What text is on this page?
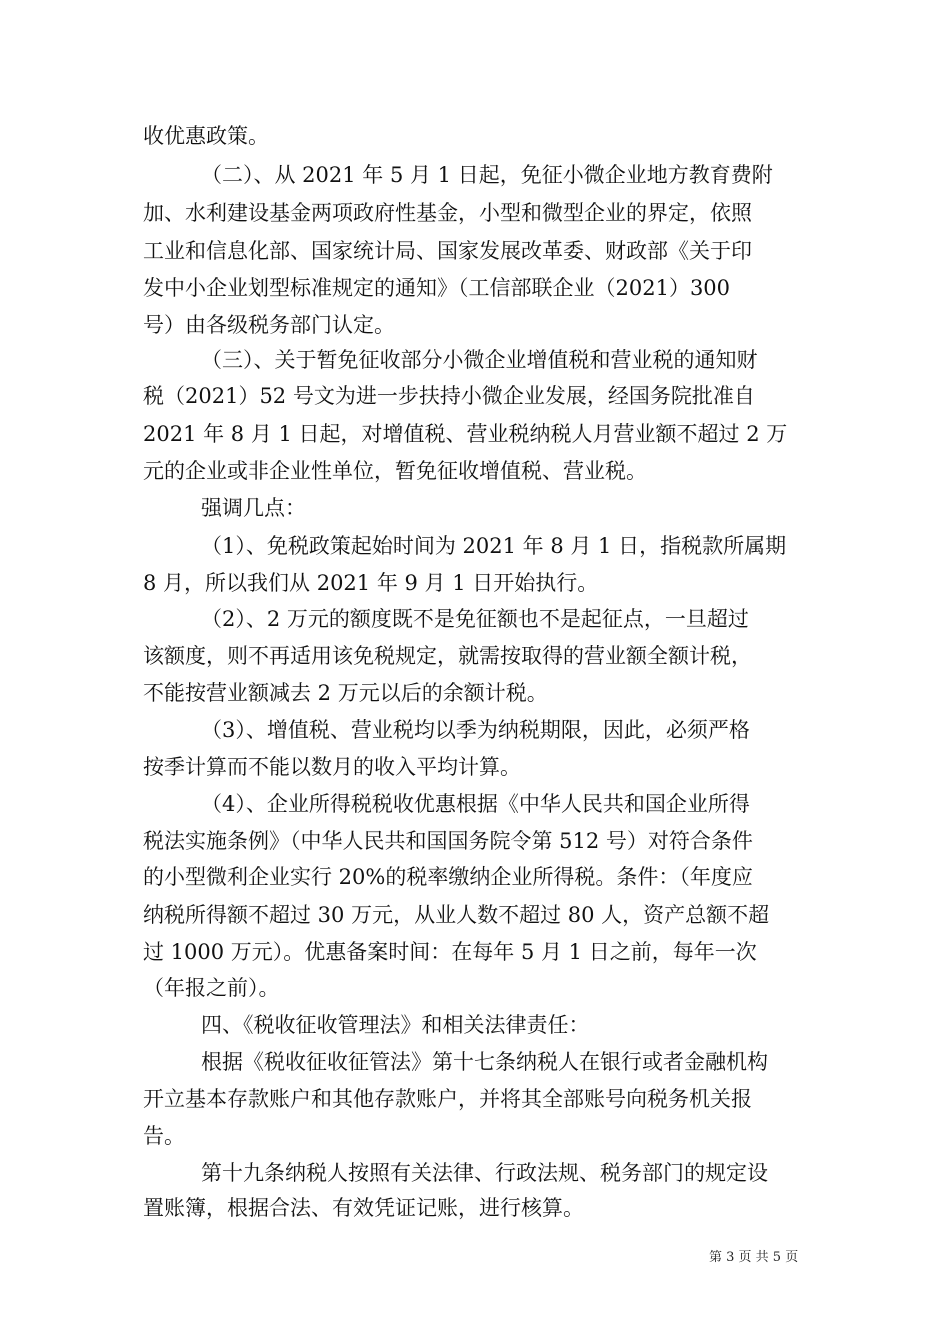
收优惠政策。
（二）、从 2021 年 5 月 1 日起，免征小微企业地方教育费附
加、水利建设基金两项政府性基金，小型和微型企业的界定，依照
工业和信息化部、国家统计局、国家发展改革委、财政部《关于印
发中小企业划型标准规定的通知》（工信部联企业（2021）300
号）由各级税务部门认定。
（三）、关于暂免征收部分小微企业增值税和营业税的通知财
税（2021）52 号文为进一步扶持小微企业发展，经国务院批准自
2021 年 8 月 1 日起，对增值税、营业税纳税人月营业额不超过 2 万
元的企业或非企业性单位，暂免征收增值税、营业税。
强调几点：
（1）、免税政策起始时间为 2021 年 8 月 1 日，指税款所属期
8 月，所以我们从 2021 年 9 月 1 日开始执行。
（2）、2 万元的额度既不是免征额也不是起征点，一旦超过
该额度，则不再适用该免税规定，就需按取得的营业额全额计税，
不能按营业额减去 2 万元以后的余额计税。
（3）、增值税、营业税均以季为纳税期限，因此，必须严格
按季计算而不能以数月的收入平均计算。
（4）、企业所得税税收优惠根据《中华人民共和国企业所得
税法实施条例》（中华人民共和国国务院令第 512 号）对符合条件
的小型微利企业实行 20%的税率缴纳企业所得税。条件：（年度应
纳税所得额不超过 30 万元，从业人数不超过 80 人，资产总额不超
过 1000 万元）。优惠备案时间：在每年 5 月 1 日之前，每年一次
（年报之前）。
四、《税收征收管理法》和相关法律责任：
根据《税收征收征管法》第十七条纳税人在银行或者金融机构
开立基本存款账户和其他存款账户，并将其全部账号向税务机关报
告。
第十九条纳税人按照有关法律、行政法规、税务部门的规定设
置账簿，根据合法、有效凭证记账，进行核算。
第 3 页 共 5 页
